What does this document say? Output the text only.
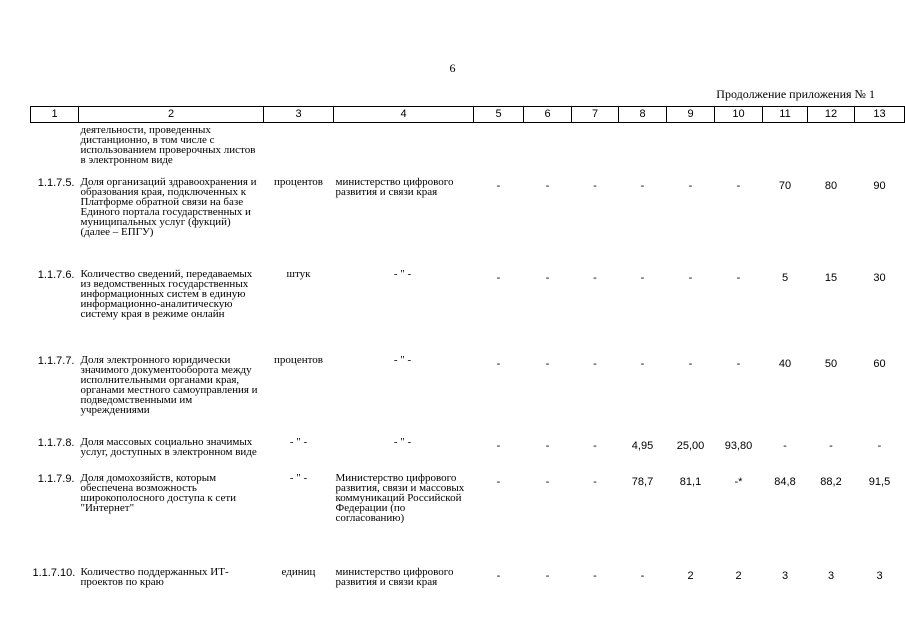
6
Продолжение приложения № 1
1	2	3	4	5	6	7	8	9	10	11	12	13
	деятельности, проведенных дистанционно, в том числе с использованием проверочных листов в электронном виде											
1.1.7.5.	Доля организаций здравоохранения и образования края, подключенных к Платформе обратной связи на базе Единого портала государственных и муниципальных услуг (фукций) (далее – ЕПГУ)	процентов	министерство цифрового развития и связи края	-	-	-	-	-	-	70	80	90
1.1.7.6.	Количество сведений, передаваемых из ведомственных государственных информационных систем в единую информационно-аналитическую систему края в режиме онлайн	штук	- " -	-	-	-	-	-	-	5	15	30
1.1.7.7.	Доля электронного юридически значимого документооборота между исполнительными органами края, органами местного самоуправления и подведомственными им учреждениями	процентов	- " -	-	-	-	-	-	-	40	50	60
1.1.7.8.	Доля массовых социально значимых услуг, доступных в электронном виде	- " -	- " -	-	-	-	4,95	25,00	93,80	-	-	-
1.1.7.9.	Доля домохозяйств, которым обеспечена возможность широкополосного доступа к сети "Интернет"	- " -	Министерство цифрового развития, связи и массовых коммуникаций Российской Федерации (по согласованию)	-	-	-	78,7	81,1	-*	84,8	88,2	91,5
1.1.7.10.	Количество поддержанных ИТ-проектов по краю	единиц	министерство цифрового развития и связи края	-	-	-	-	2	2	3	3	3
